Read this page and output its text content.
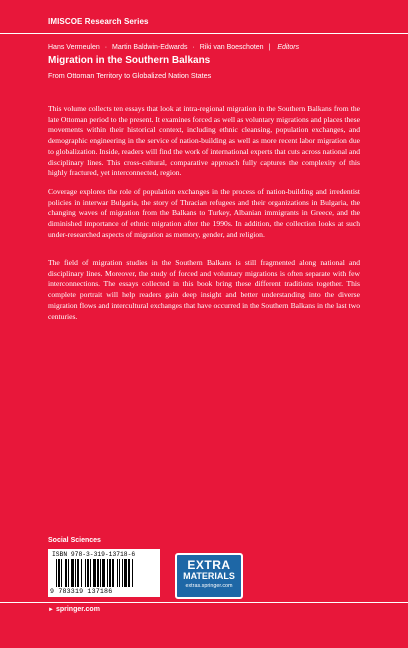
IMISCOE Research Series
Hans Vermeulen · Martin Baldwin-Edwards · Riki van Boeschoten | Editors
Migration in the Southern Balkans
From Ottoman Territory to Globalized Nation States

This volume collects ten essays that look at intra-regional migration in the Southern Balkans from the late Ottoman period to the present. It examines forced as well as voluntary migrations and places these movements within their historical context, including ethnic cleansing, population exchanges, and demographic engineering in the service of nation-building as well as more recent labor migration due to globalization. Inside, readers will find the work of international experts that cuts across national and disciplinary lines. This cross-cultural, comparative approach fully captures the complexity of this highly fractured, yet interconnected, region.

Coverage explores the role of population exchanges in the process of nation-building and irredentist policies in interwar Bulgaria, the story of Thracian refugees and their organizations in Bulgaria, the changing waves of migration from the Balkans to Turkey, Albanian immigrants in Greece, and the diminished importance of ethnic migration after the 1990s. In addition, the collection looks at such under-researched aspects of migration as memory, gender, and religion.

The field of migration studies in the Southern Balkans is still fragmented along national and disciplinary lines. Moreover, the study of forced and voluntary migrations is often separate with few interconnections. The essays collected in this book bring these different traditions together. This complete portrait will help readers gain deep insight and better understanding into the diverse migration flows and intercultural exchanges that have occurred in the Southern Balkans in the last two centuries.

Social Sciences
ISBN 978-3-319-13718-6
9 783319 137186
EXTRA
MATERIALS
extras.springer.com
► springer.com
